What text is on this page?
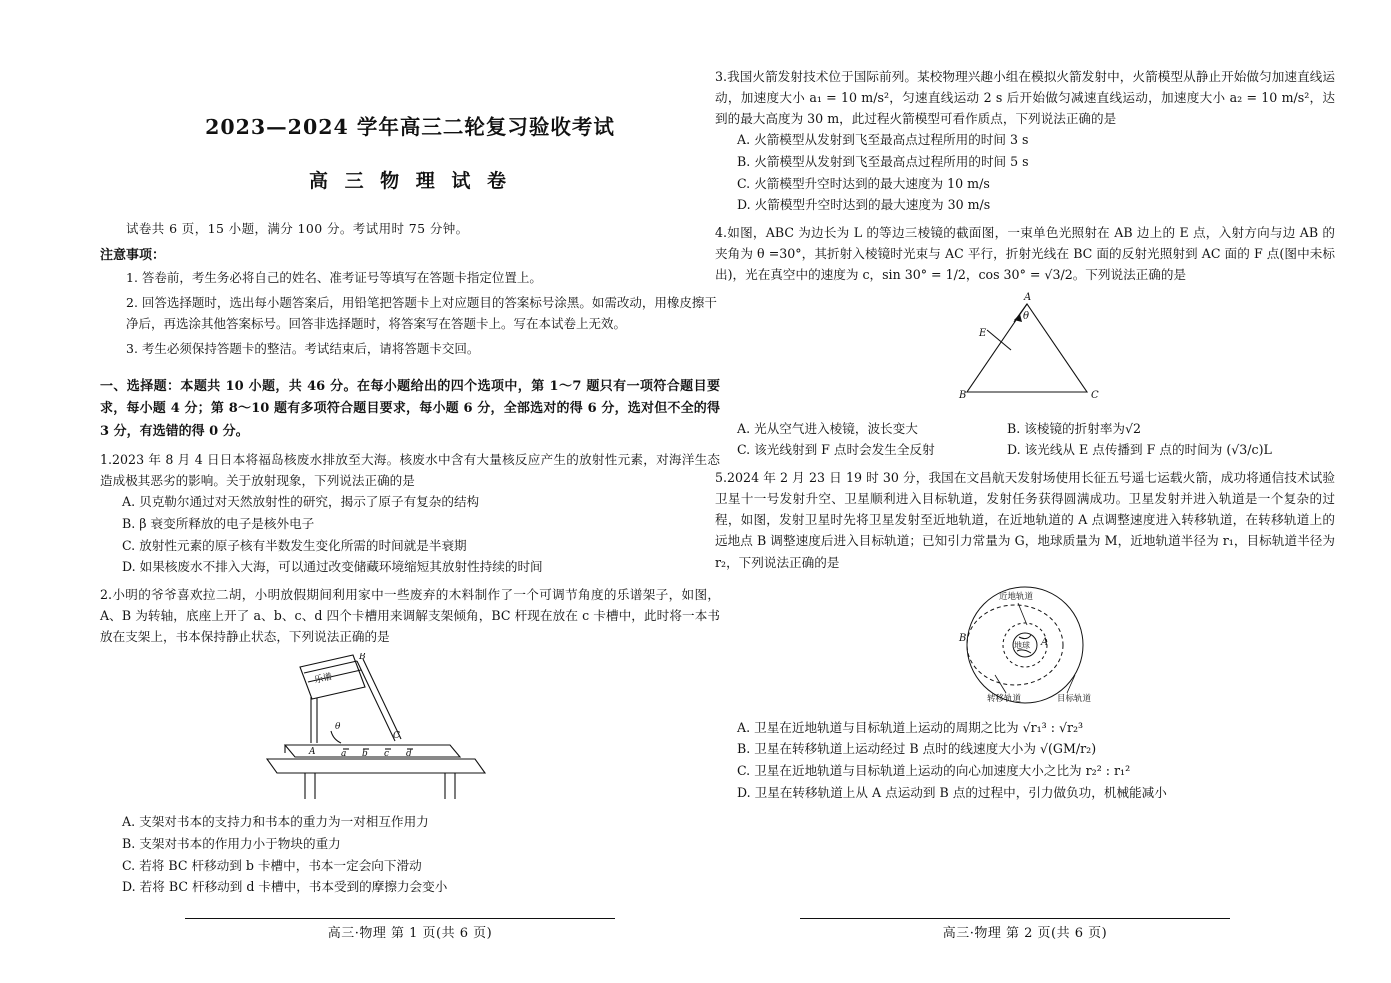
2023—2024 学年高三二轮复习验收考试
高 三 物 理 试 卷
试卷共 6 页，15 小题，满分 100 分。考试用时 75 分钟。
注意事项：
1. 答卷前，考生务必将自己的姓名、准考证号等填写在答题卡指定位置上。
2. 回答选择题时，选出每小题答案后，用铅笔把答题卡上对应题目的答案标号涂黑。如需改动，用橡皮擦干净后，再选涂其他答案标号。回答非选择题时，将答案写在答题卡上。写在本试卷上无效。
3. 考生必须保持答题卡的整洁。考试结束后，请将答题卡交回。
一、选择题：本题共 10 小题，共 46 分。在每小题给出的四个选项中，第 1～7 题只有一项符合题目要求，每小题 4 分；第 8～10 题有多项符合题目要求，每小题 6 分，全部选对的得 6 分，选对但不全的得 3 分，有选错的得 0 分。
1.2023 年 8 月 4 日日本将福岛核废水排放至大海。核废水中含有大量核反应产生的放射性元素，对海洋生态造成极其恶劣的影响。关于放射现象，下列说法正确的是
A. 贝克勒尔通过对天然放射性的研究，揭示了原子有复杂的结构
B. β 衰变所释放的电子是核外电子
C. 放射性元素的原子核有半数发生变化所需的时间就是半衰期
D. 如果核废水不排入大海，可以通过改变储藏环境缩短其放射性持续的时间
2.小明的爷爷喜欢拉二胡，小明放假期间利用家中一些废弃的木料制作了一个可调节角度的乐谱架子，如图，A、B 为转轴，底座上开了 a、b、c、d 四个卡槽用来调解支架倾角，BC 杆现在放在 c 卡槽中，此时将一本书放在支架上，书本保持静止状态，下列说法正确的是
B
C
A
θ
a b c d
乐谱
A. 支架对书本的支持力和书本的重力为一对相互作用力
B. 支架对书本的作用力小于物块的重力
C. 若将 BC 杆移动到 b 卡槽中，书本一定会向下滑动
D. 若将 BC 杆移动到 d 卡槽中，书本受到的摩擦力会变小
3.我国火箭发射技术位于国际前列。某校物理兴趣小组在模拟火箭发射中，火箭模型从静止开始做匀加速直线运动，加速度大小 a₁ = 10 m/s²，匀速直线运动 2 s 后开始做匀减速直线运动，加速度大小 a₂ = 10 m/s²，达到的最大高度为 30 m，此过程火箭模型可看作质点，下列说法正确的是
A. 火箭模型从发射到飞至最高点过程所用的时间 3 s
B. 火箭模型从发射到飞至最高点过程所用的时间 5 s
C. 火箭模型升空时达到的最大速度为 10 m/s
D. 火箭模型升空时达到的最大速度为 30 m/s
4.如图，ABC 为边长为 L 的等边三棱镜的截面图，一束单色光照射在 AB 边上的 E 点，入射方向与边 AB 的夹角为 θ =30°，其折射入棱镜时光束与 AC 平行，折射光线在 BC 面的反射光照射到 AC 面的 F 点(图中未标出)，光在真空中的速度为 c，sin 30° = 1/2，cos 30° = √3/2。下列说法正确的是
A
B	C
E
θ
A. 光从空气进入棱镜，波长变大	B. 该棱镜的折射率为√2
C. 该光线射到 F 点时会发生全反射	D. 该光线从 E 点传播到 F 点的时间为 (√3/c)L
5.2024 年 2 月 23 日 19 时 30 分，我国在文昌航天发射场使用长征五号遥七运载火箭，成功将通信技术试验卫星十一号发射升空、卫星顺利进入目标轨道，发射任务获得圆满成功。卫星发射并进入轨道是一个复杂的过程，如图，发射卫星时先将卫星发射至近地轨道，在近地轨道的 A 点调整速度进入转移轨道，在转移轨道上的远地点 B 调整速度后进入目标轨道；已知引力常量为 G，地球质量为 M，近地轨道半径为 r₁，目标轨道半径为 r₂，下列说法正确的是
近地轨道
地球
转移轨道	目标轨道
B	A
A. 卫星在近地轨道与目标轨道上运动的周期之比为 √r₁³ : √r₂³
B. 卫星在转移轨道上运动经过 B 点时的线速度大小为 √(GM/r₂)
C. 卫星在近地轨道与目标轨道上运动的向心加速度大小之比为 r₂² : r₁²
D. 卫星在转移轨道上从 A 点运动到 B 点的过程中，引力做负功，机械能减小
高三·物理 第 1 页(共 6 页)	高三·物理 第 2 页(共 6 页)
